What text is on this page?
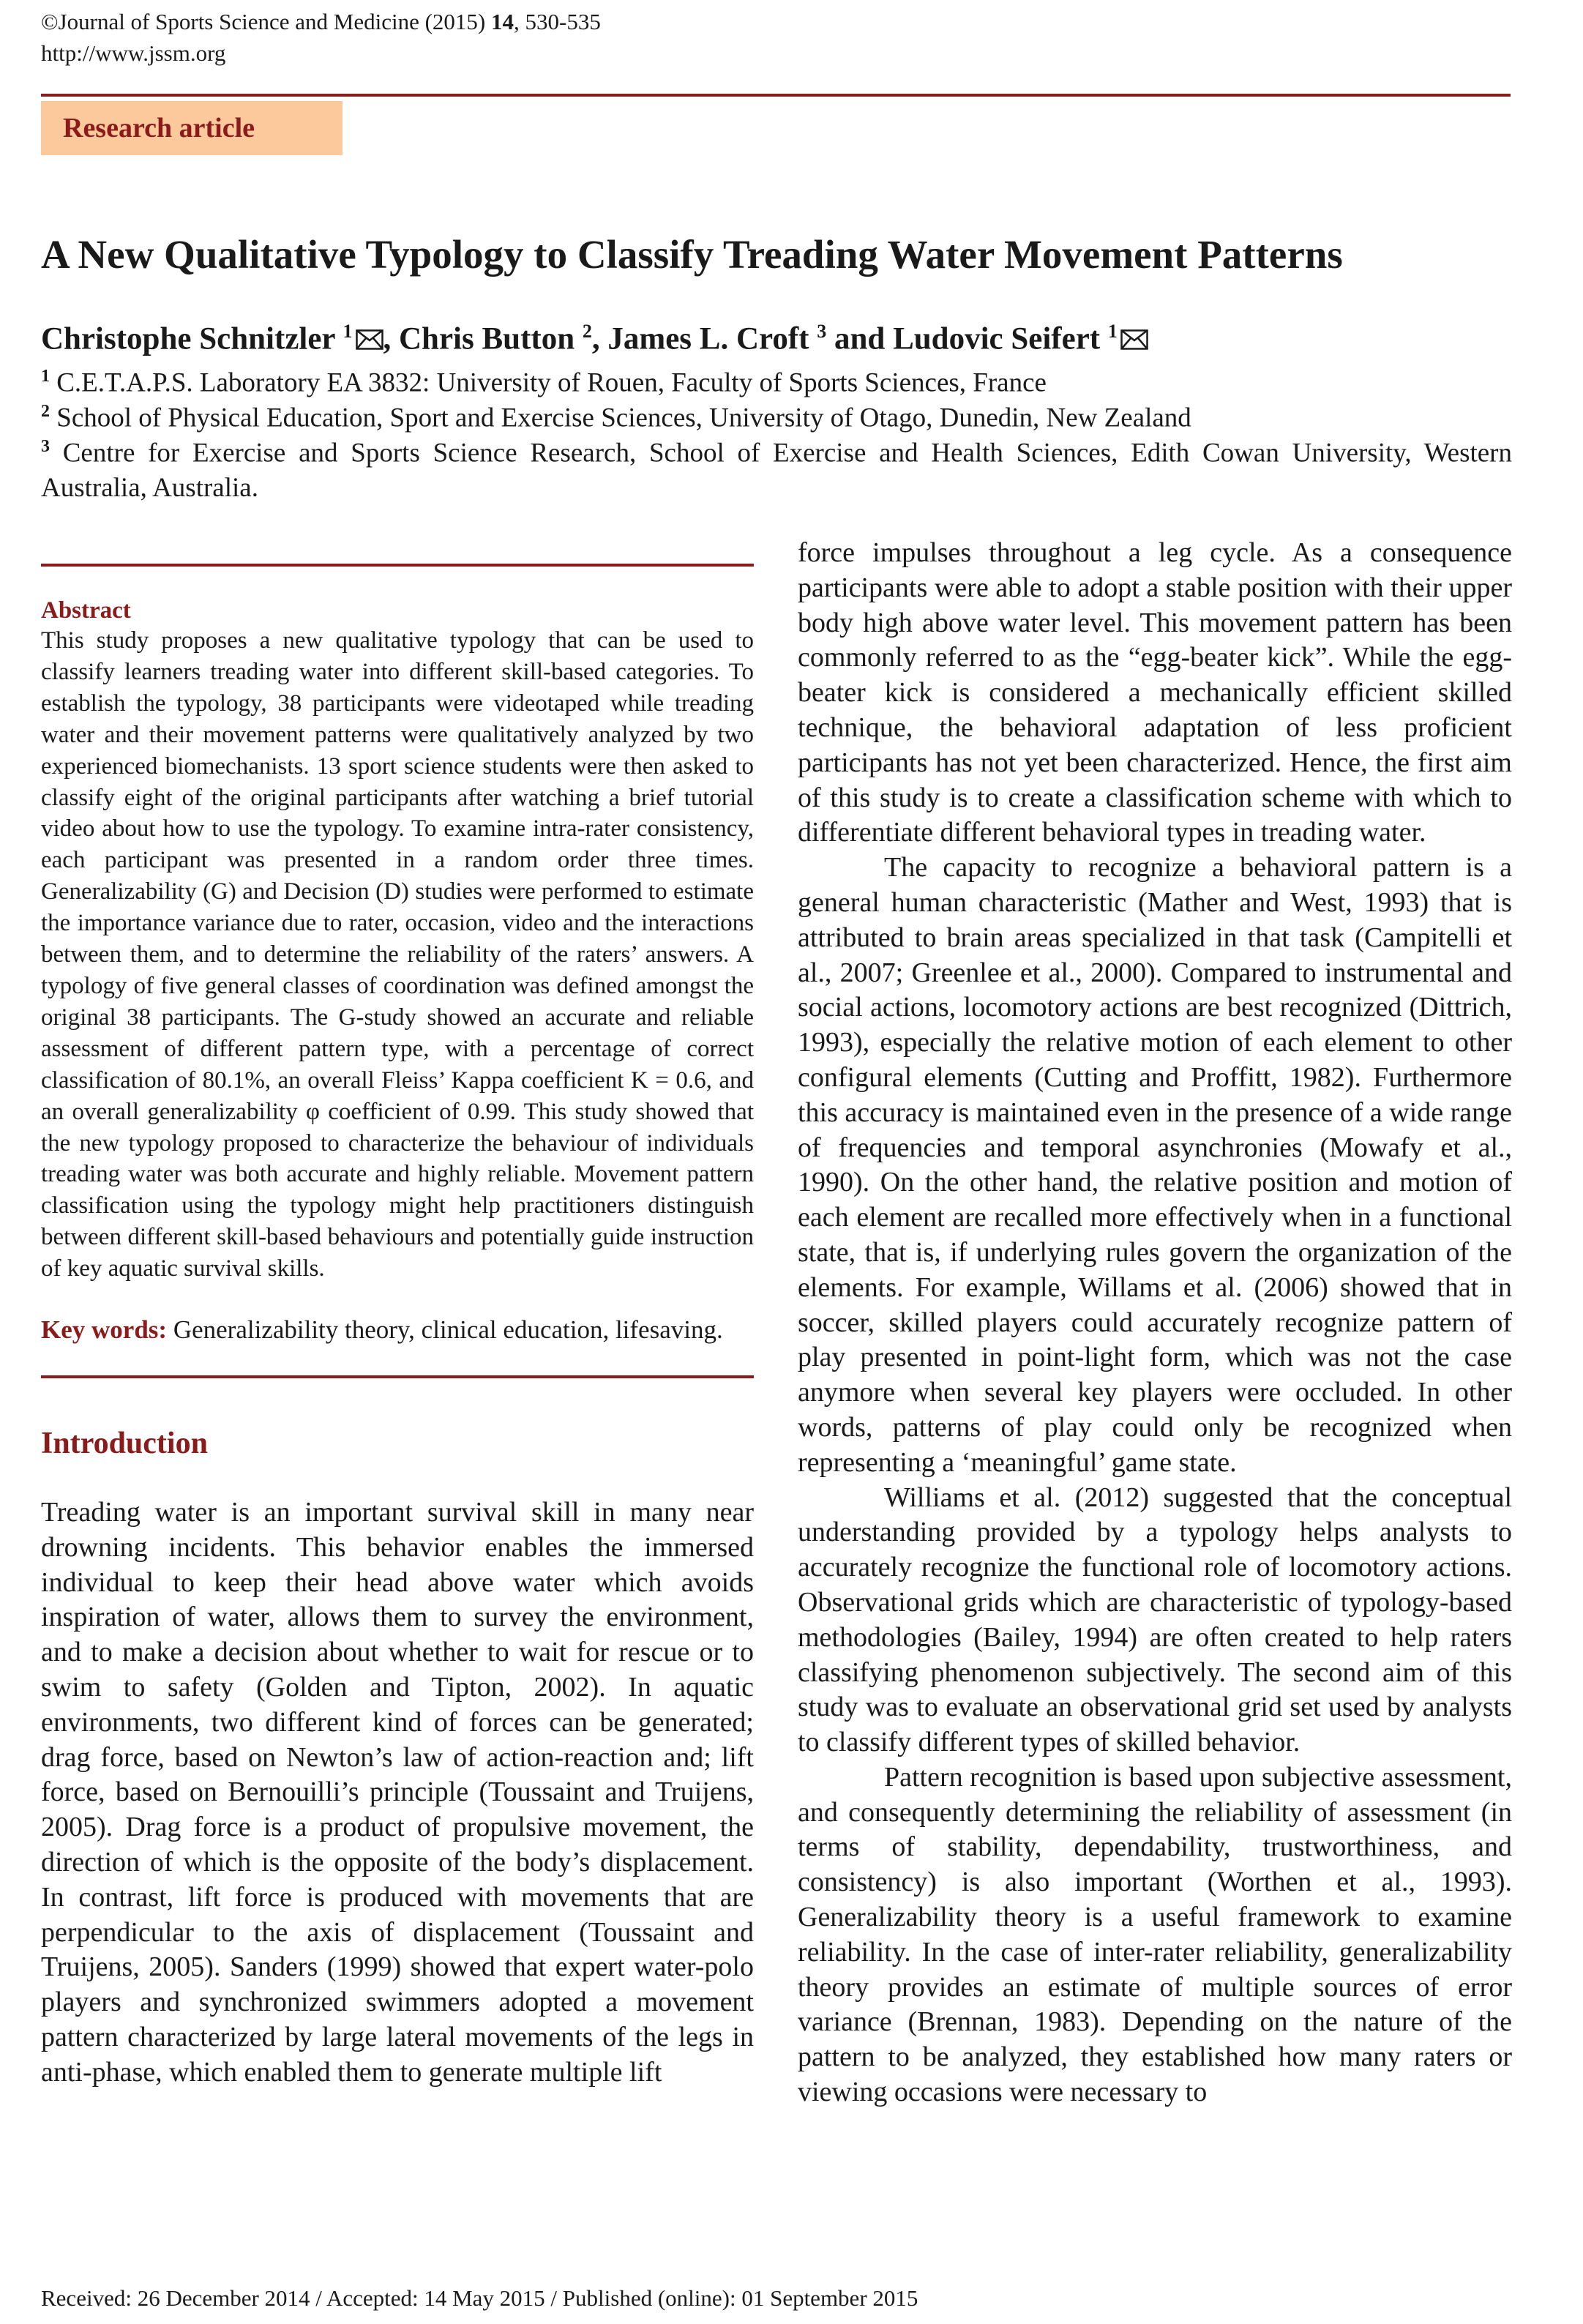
©Journal of Sports Science and Medicine (2015) 14, 530-535
http://www.jssm.org
Research article
A New Qualitative Typology to Classify Treading Water Movement Patterns
Christophe Schnitzler $^1$ , Chris Button $^2$, James L. Croft $^3$ and Ludovic Seifert $^1$
$^1$ C.E.T.A.P.S. Laboratory EA 3832: University of Rouen, Faculty of Sports Sciences, France
$^2$ School of Physical Education, Sport and Exercise Sciences, University of Otago, Dunedin, New Zealand
$^3$ Centre for Exercise and Sports Science Research, School of Exercise and Health Sciences, Edith Cowan University, Western Australia, Australia.
Abstract

This study proposes a new qualitative typology that can be used to classify learners treading water into different skill-based categories. To establish the typology, 38 participants were videotaped while treading water and their movement patterns were qualitatively analyzed by two experienced biomechanists. 13 sport science students were then asked to classify eight of the original participants after watching a brief tutorial video about how to use the typology. To examine intra-rater consistency, each participant was presented in a random order three times. Generalizability (G) and Decision (D) studies were performed to estimate the importance variance due to rater, occasion, video and the interactions between them, and to determine the reliability of the raters’ answers. A typology of five general classes of coordination was defined amongst the original 38 participants. The G-study showed an accurate and reliable assessment of different pattern type, with a percentage of correct classification of 80.1%, an overall Fleiss’ Kappa coefficient K = 0.6, and an overall generalizability φ coefficient of 0.99. This study showed that the new typology proposed to characterize the behaviour of individuals treading water was both accurate and highly reliable. Movement pattern classification using the typology might help practitioners distinguish between different skill-based behaviours and potentially guide instruction of key aquatic survival skills.

Key words: Generalizability theory, clinical education, lifesaving.

Introduction

Treading water is an important survival skill in many near drowning incidents. This behavior enables the immersed individual to keep their head above water which avoids inspiration of water, allows them to survey the environment, and to make a decision about whether to wait for rescue or to swim to safety (Golden and Tipton, 2002). In aquatic environments, two different kind of forces can be generated; drag force, based on Newton’s law of action-reaction and; lift force, based on Bernouilli’s principle (Toussaint and Truijens, 2005). Drag force is a product of propulsive movement, the direction of which is the opposite of the body’s displacement. In contrast, lift force is produced with movements that are perpendicular to the axis of displacement (Toussaint and Truijens, 2005). Sanders (1999) showed that expert water-polo players and synchronized swimmers adopted a movement pattern characterized by large lateral movements of the legs in anti-phase, which enabled them to generate multiple lift

force impulses throughout a leg cycle. As a consequence participants were able to adopt a stable position with their upper body high above water level. This movement pattern has been commonly referred to as the “egg-beater kick”. While the egg-beater kick is considered a mechanically efficient skilled technique, the behavioral adaptation of less proficient participants has not yet been characterized. Hence, the first aim of this study is to create a classification scheme with which to differentiate different behavioral types in treading water.

The capacity to recognize a behavioral pattern is a general human characteristic (Mather and West, 1993) that is attributed to brain areas specialized in that task (Campitelli et al., 2007; Greenlee et al., 2000). Compared to instrumental and social actions, locomotory actions are best recognized (Dittrich, 1993), especially the relative motion of each element to other configural elements (Cutting and Proffitt, 1982). Furthermore this accuracy is maintained even in the presence of a wide range of frequencies and temporal asynchronies (Mowafy et al., 1990). On the other hand, the relative position and motion of each element are recalled more effectively when in a functional state, that is, if underlying rules govern the organization of the elements. For example, Willams et al. (2006) showed that in soccer, skilled players could accurately recognize pattern of play presented in point-light form, which was not the case anymore when several key players were occluded. In other words, patterns of play could only be recognized when representing a ‘meaningful’ game state.

Williams et al. (2012) suggested that the conceptual understanding provided by a typology helps analysts to accurately recognize the functional role of locomotory actions. Observational grids which are characteristic of typology-based methodologies (Bailey, 1994) are often created to help raters classifying phenomenon subjectively. The second aim of this study was to evaluate an observational grid set used by analysts to classify different types of skilled behavior.

Pattern recognition is based upon subjective assessment, and consequently determining the reliability of assessment (in terms of stability, dependability, trustworthiness, and consistency) is also important (Worthen et al., 1993). Generalizability theory is a useful framework to examine reliability. In the case of inter-rater reliability, generalizability theory provides an estimate of multiple sources of error variance (Brennan, 1983). Depending on the nature of the pattern to be analyzed, they established how many raters or viewing occasions were necessary to

Received: 26 December 2014 / Accepted: 14 May 2015 / Published (online): 01 September 2015
